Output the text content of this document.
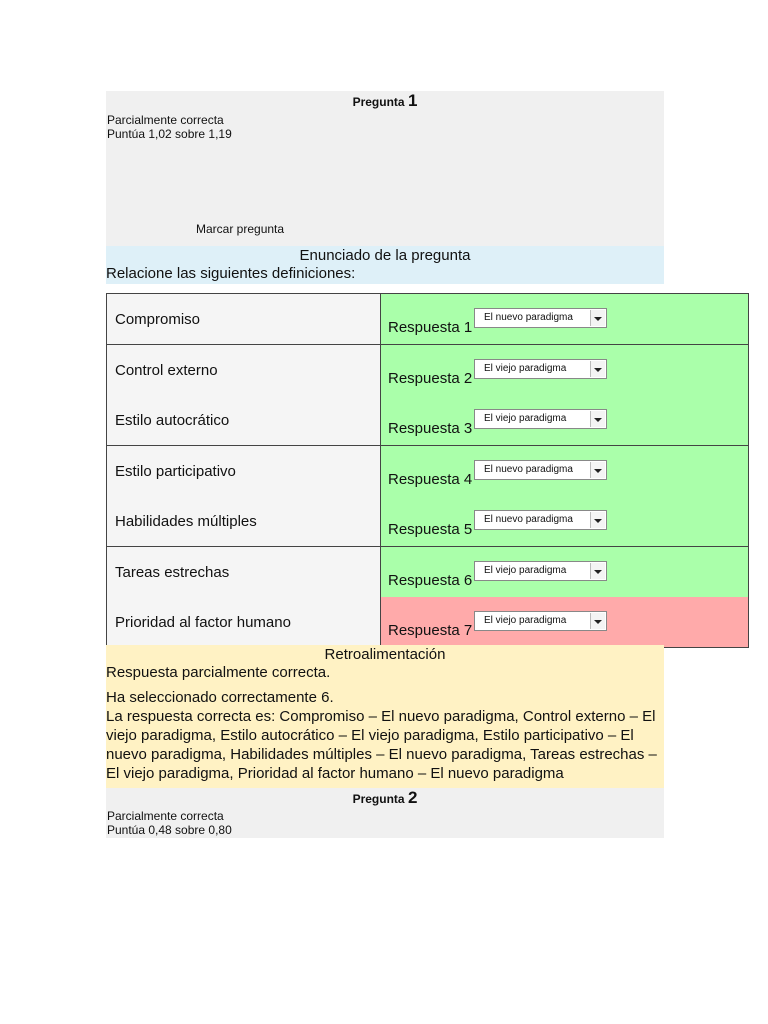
Pregunta 1
Parcialmente correcta
Puntúa 1,02 sobre 1,19
Marcar pregunta
Enunciado de la pregunta
Relacione las siguientes definiciones:
Compromiso	Respuesta 1
El nuevo paradigma

Control externo	Respuesta 2
El viejo paradigma

Estilo autocrático	Respuesta 3
El viejo paradigma

Estilo participativo	Respuesta 4
El nuevo paradigma

Habilidades múltiples	Respuesta 5
El nuevo paradigma

Tareas estrechas	Respuesta 6
El viejo paradigma

Prioridad al factor humano	Respuesta 7
El viejo paradigma
Retroalimentación
Respuesta parcialmente correcta.
Ha seleccionado correctamente 6.
La respuesta correcta es: Compromiso – El nuevo paradigma, Control externo – El viejo paradigma, Estilo autocrático – El viejo paradigma, Estilo participativo – El nuevo paradigma, Habilidades múltiples – El nuevo paradigma, Tareas estrechas – El viejo paradigma, Prioridad al factor humano – El nuevo paradigma
Pregunta 2
Parcialmente correcta
Puntúa 0,48 sobre 0,80
